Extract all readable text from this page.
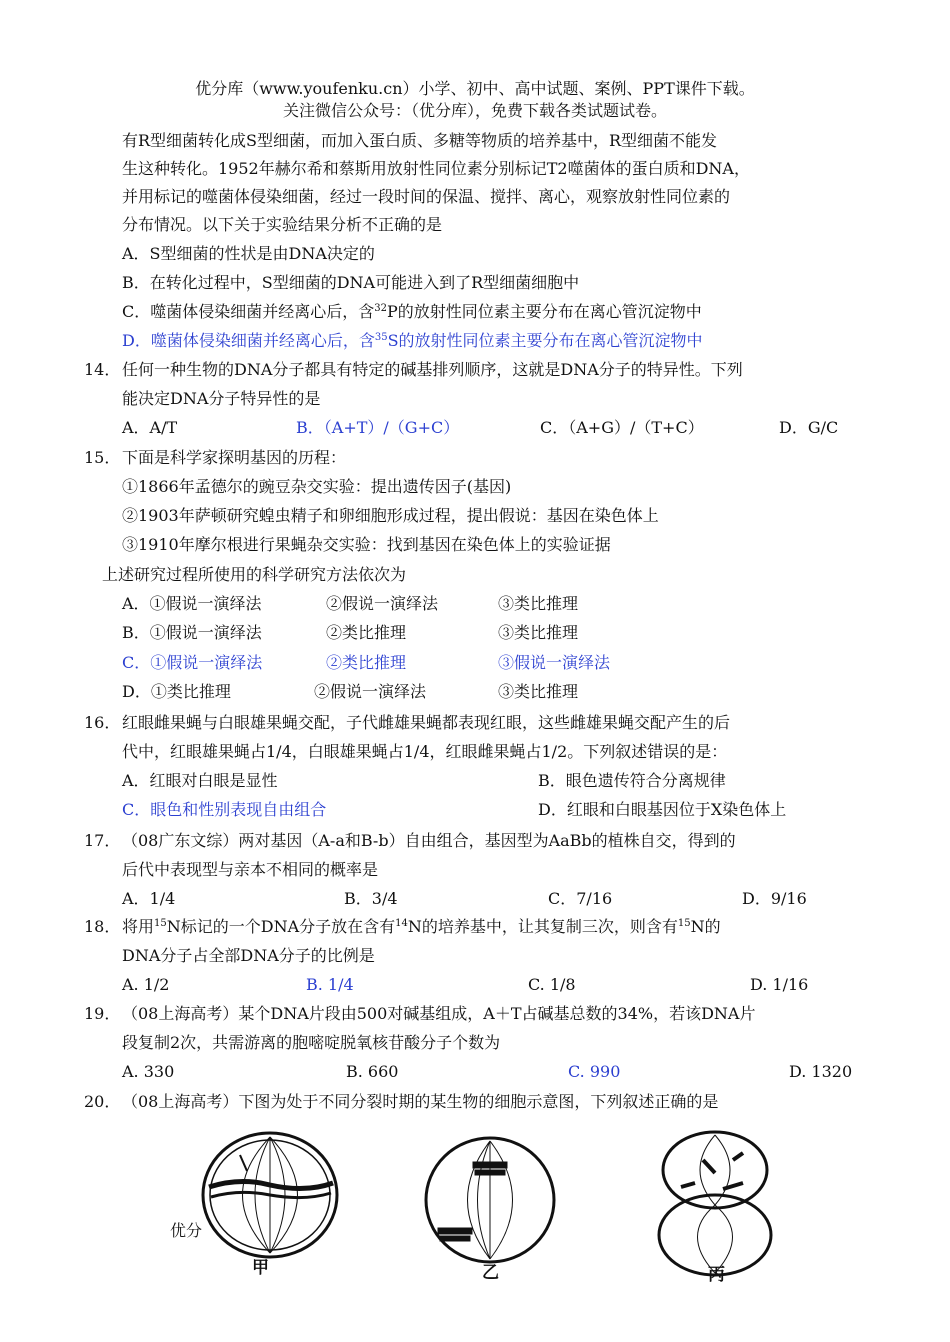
优分库（www.youfenku.cn）小学、初中、高中试题、案例、PPT课件下载。
关注微信公众号：（优分库），免费下载各类试题试卷。
有R型细菌转化成S型细菌，而加入蛋白质、多糖等物质的培养基中，R型细菌不能发
生这种转化。1952年赫尔希和蔡斯用放射性同位素分别标记T2噬菌体的蛋白质和DNA，
并用标记的噬菌体侵染细菌，经过一段时间的保温、搅拌、离心，观察放射性同位素的
分布情况。以下关于实验结果分析不正确的是
A．S型细菌的性状是由DNA决定的
B．在转化过程中，S型细菌的DNA可能进入到了R型细菌细胞中
C．噬菌体侵染细菌并经离心后，含$^{32}$P的放射性同位素主要分布在离心管沉淀物中
D．噬菌体侵染细菌并经离心后，含$^{35}$S的放射性同位素主要分布在离心管沉淀物中
14． 任何一种生物的DNA分子都具有特定的碱基排列顺序，这就是DNA分子的特异性。下列
能决定DNA分子特异性的是
A．A/T	B．（A+T）/（G+C）	C．（A+G）/（T+C）	D．G/C
15． 下面是科学家探明基因的历程：
①1866年孟德尔的豌豆杂交实验：提出遗传因子(基因)
②1903年萨顿研究蝗虫精子和卵细胞形成过程，提出假说：基因在染色体上
③1910年摩尔根进行果蝇杂交实验：找到基因在染色体上的实验证据
上述研究过程所使用的科学研究方法依次为
A．①假说一演绎法	②假说一演绎法	③类比推理
B．①假说一演绎法	②类比推理	③类比推理
C．①假说一演绎法	②类比推理	③假说一演绎法
D．①类比推理	②假说一演绎法	③类比推理
16． 红眼雌果蝇与白眼雄果蝇交配，子代雌雄果蝇都表现红眼，这些雌雄果蝇交配产生的后
代中，红眼雄果蝇占1/4，白眼雄果蝇占1/4，红眼雌果蝇占1/2。下列叙述错误的是：
A．红眼对白眼是显性	B．眼色遗传符合分离规律
C．眼色和性别表现自由组合	D．红眼和白眼基因位于X染色体上
17． （08广东文综）两对基因（A-a和B-b）自由组合，基因型为AaBb的植株自交，得到的
后代中表现型与亲本不相同的概率是
A．1/4	B．3/4	C．7/16	D．9/16
18． 将用$^{15}$N标记的一个DNA分子放在含有$^{14}$N的培养基中，让其复制三次，则含有$^{15}$N的
DNA分子占全部DNA分子的比例是
A. 1/2	B. 1/4	C. 1/8	D. 1/16
19． （08上海高考）某个DNA片段由500对碱基组成，A＋T占碱基总数的34%，若该DNA片
段复制2次，共需游离的胞嘧啶脱氧核苷酸分子个数为
A. 330	B. 660	C. 990	D. 1320
20． （08上海高考）下图为处于不同分裂时期的某生物的细胞示意图，下列叙述正确的是
优分
甲	乙	丙
